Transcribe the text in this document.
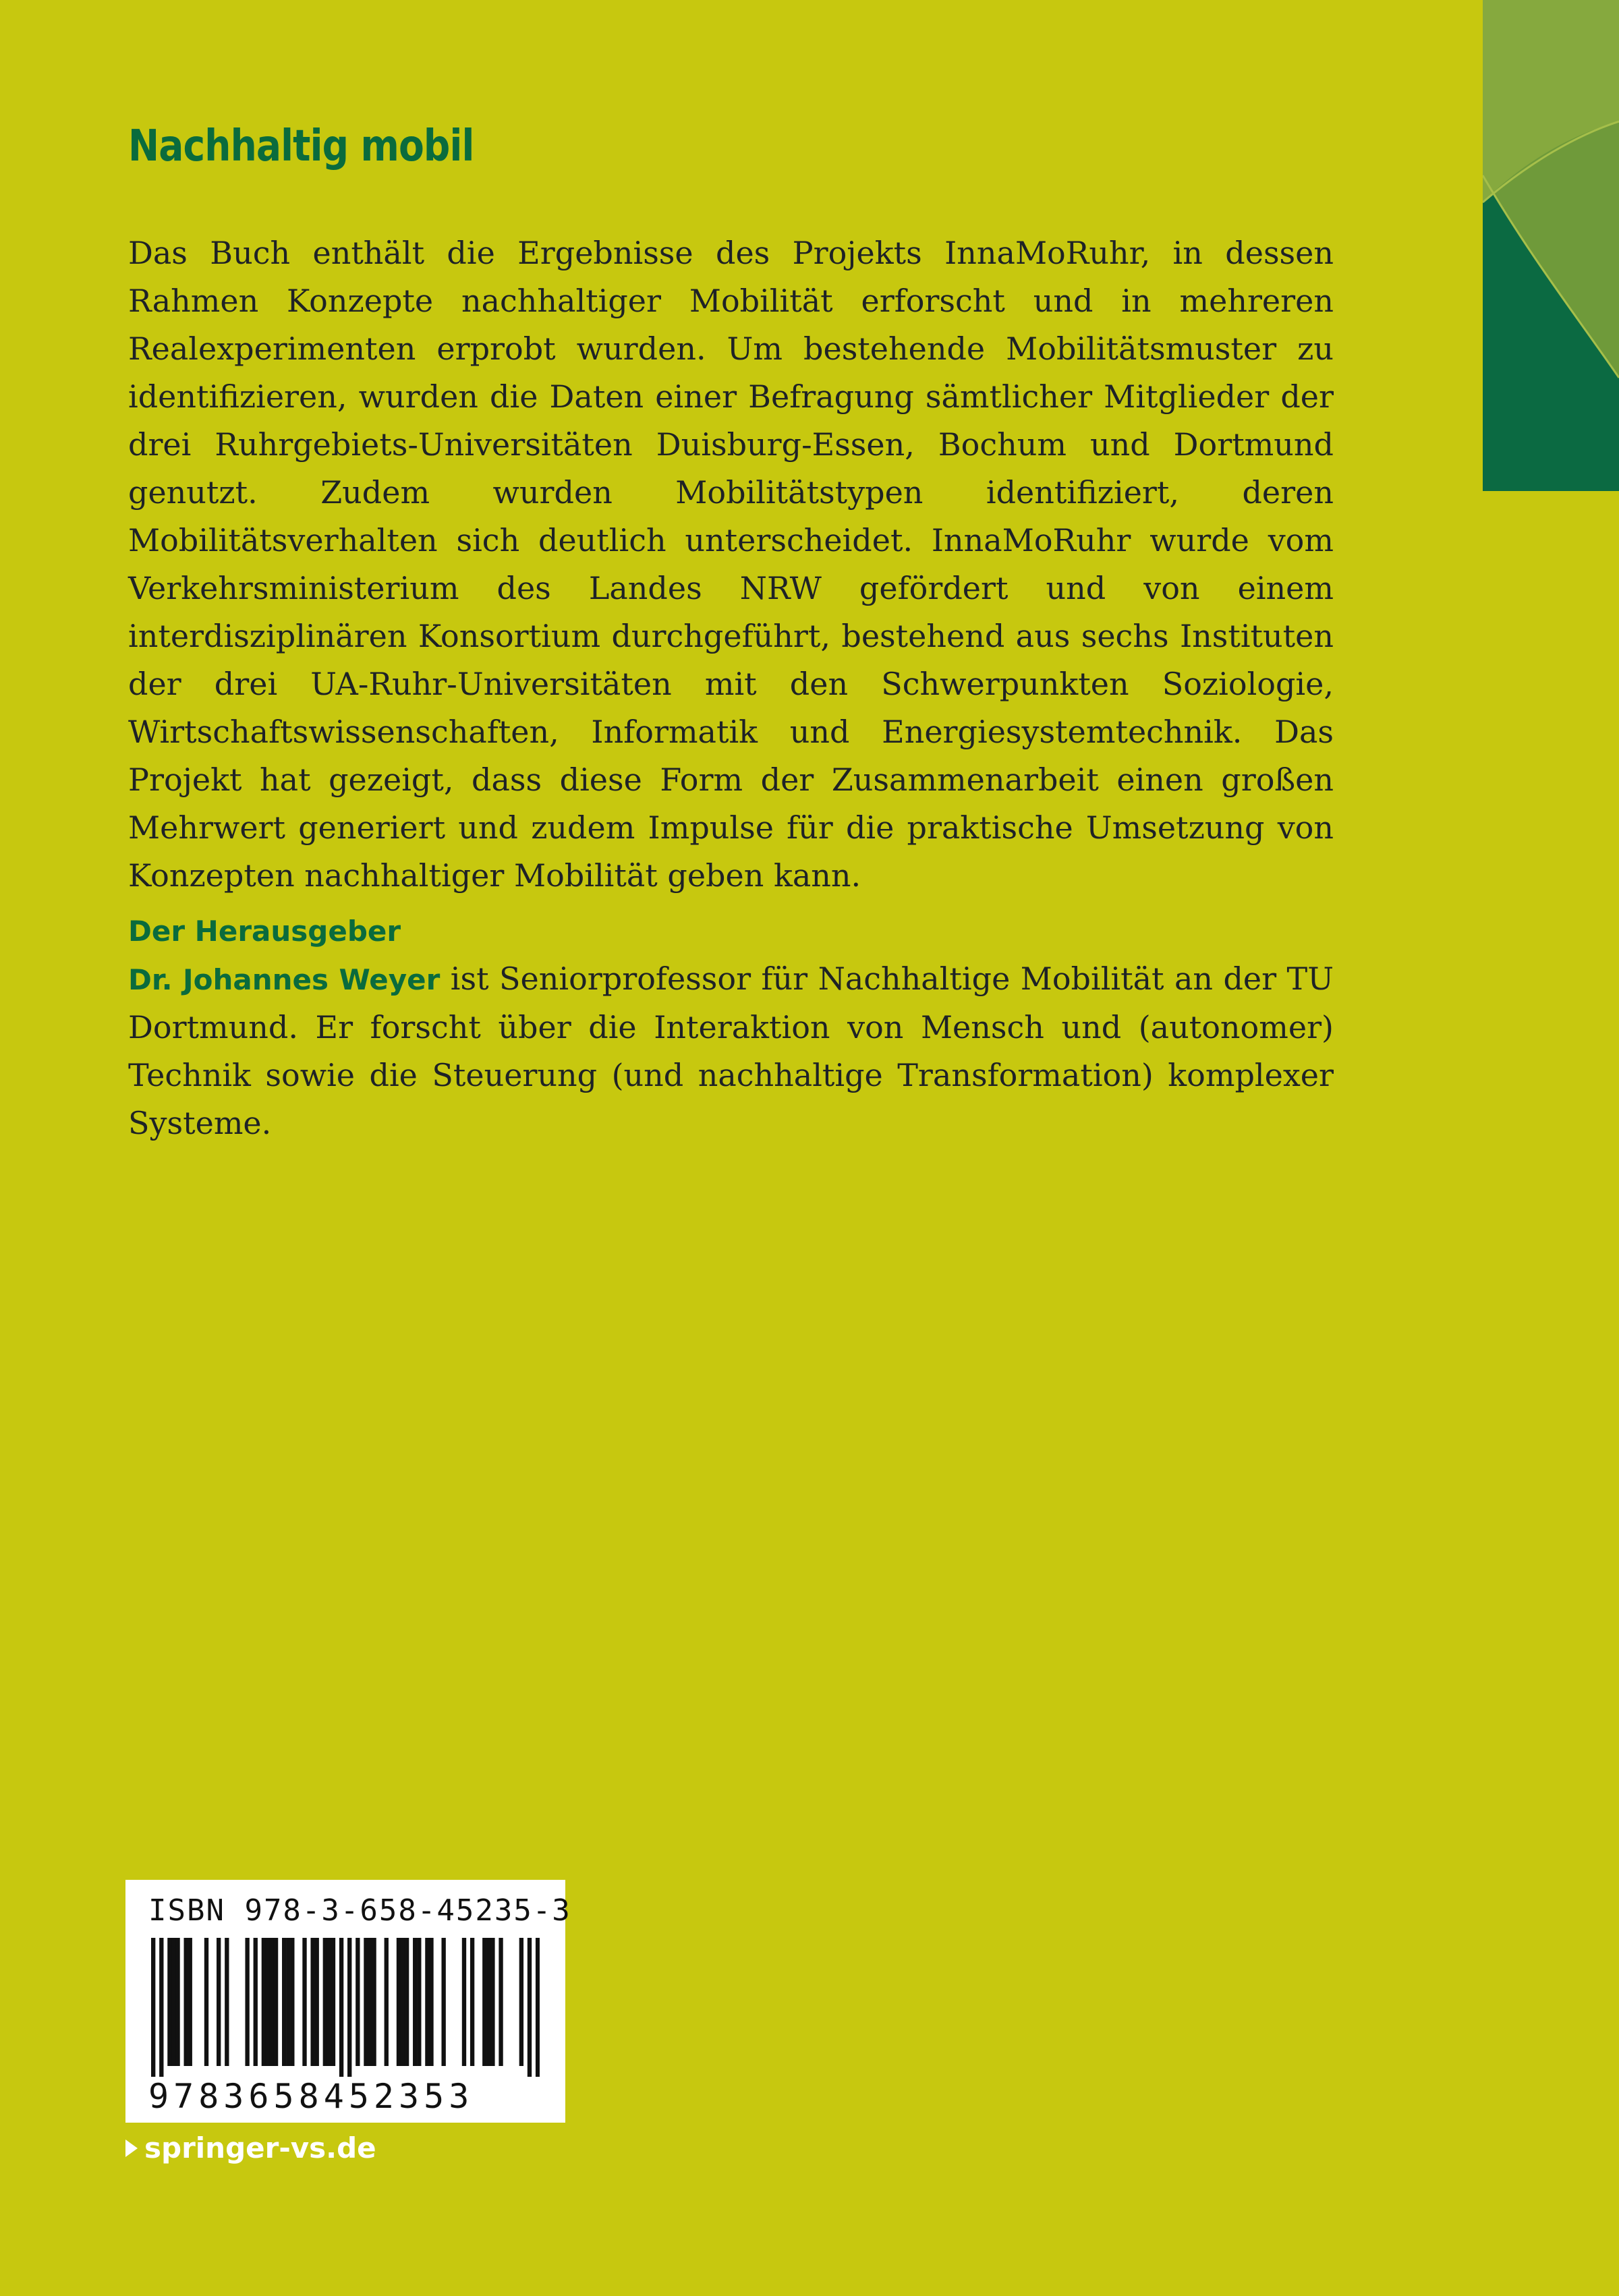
Nachhaltig mobil

Das Buch enthält die Ergebnisse des Projekts InnaMoRuhr, in dessen Rahmen Konzepte nachhaltiger Mobilität erforscht und in mehreren Realexperimenten erprobt wurden. Um bestehende Mobilitätsmuster zu identifizieren, wurden die Daten einer Befragung sämtlicher Mitglieder der drei Ruhrgebiets-Universitäten Duisburg-Essen, Bochum und Dortmund genutzt. Zudem wurden Mobilitätstypen identifiziert, deren Mobilitätsverhalten sich deutlich unterscheidet. InnaMoRuhr wurde vom Verkehrsministerium des Landes NRW gefördert und von einem interdisziplinären Konsortium durchgeführt, bestehend aus sechs Instituten der drei UA-Ruhr-Universitäten mit den Schwerpunkten Soziologie, Wirtschaftswissenschaften, Informatik und Energiesystemtechnik. Das Projekt hat gezeigt, dass diese Form der Zusammenarbeit einen großen Mehrwert generiert und zudem Impulse für die praktische Umsetzung von Konzepten nachhaltiger Mobilität geben kann.

Der Herausgeber

Dr. Johannes Weyer ist Seniorprofessor für Nachhaltige Mobilität an der TU Dortmund. Er forscht über die Interaktion von Mensch und (autonomer) Technik sowie die Steuerung (und nachhaltige Transformation) komplexer Systeme.

ISBN 978-3-658-45235-3
9783658452353
springer-vs.de
